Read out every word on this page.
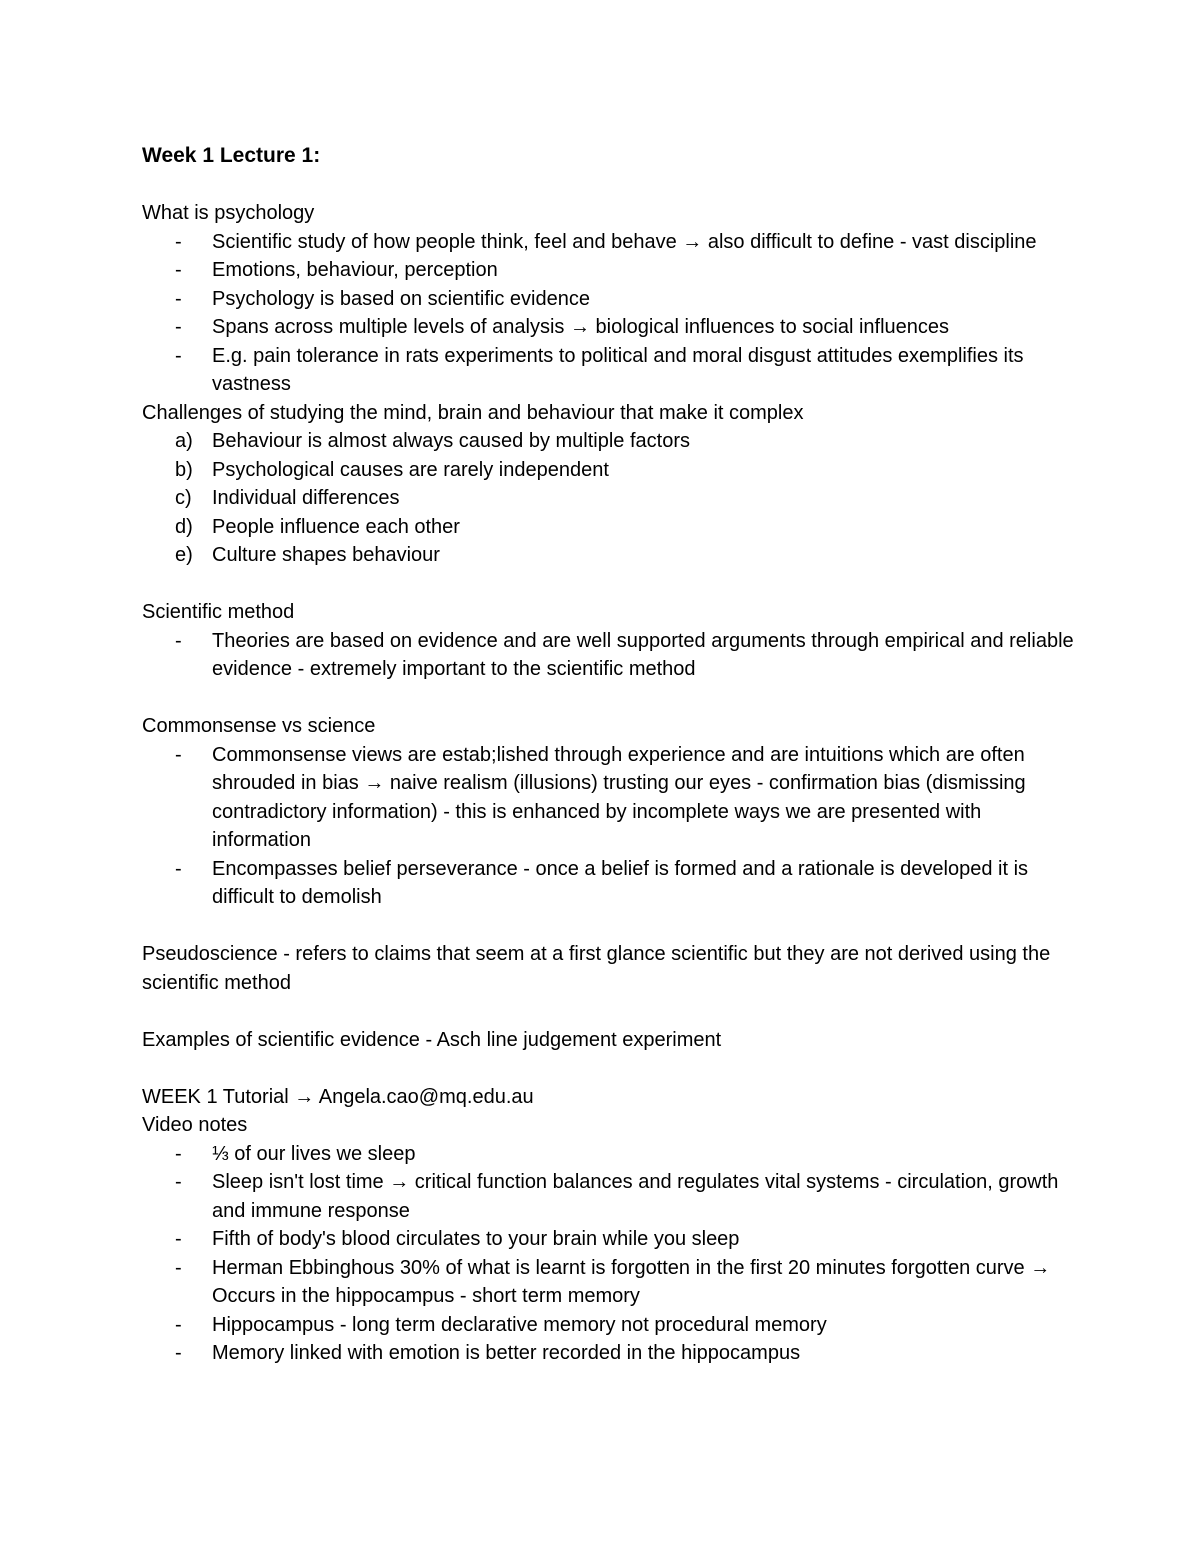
Week 1 Lecture 1:
What is psychology
- Scientific study of how people think, feel and behave → also difficult to define - vast discipline
- Emotions, behaviour, perception
- Psychology is based on scientific evidence
- Spans across multiple levels of analysis → biological influences to social influences
- E.g. pain tolerance in rats experiments to political and moral disgust attitudes exemplifies its vastness
Challenges of studying the mind, brain and behaviour that make it complex
a) Behaviour is almost always caused by multiple factors
b) Psychological causes are rarely independent
c) Individual differences
d) People influence each other
e) Culture shapes behaviour
Scientific method
- Theories are based on evidence and are well supported arguments through empirical and reliable evidence - extremely important to the scientific method
Commonsense vs science
- Commonsense views are estab;lished through experience and are intuitions which are often shrouded in bias → naive realism (illusions) trusting our eyes - confirmation bias (dismissing contradictory information) - this is enhanced by incomplete ways we are presented with information
- Encompasses belief perseverance - once a belief is formed and a rationale is developed it is difficult to demolish
Pseudoscience - refers to claims that seem at a first glance scientific but they are not derived using the scientific method
Examples of scientific evidence - Asch line judgement experiment
WEEK 1 Tutorial → Angela.cao@mq.edu.au
Video notes
- ⅓ of our lives we sleep
- Sleep isn't lost time → critical function balances and regulates vital systems - circulation, growth and immune response
- Fifth of body's blood circulates to your brain while you sleep
- Herman Ebbinghous 30% of what is learnt is forgotten in the first 20 minutes forgotten curve → Occurs in the hippocampus - short term memory
- Hippocampus - long term declarative memory not procedural memory
- Memory linked with emotion is better recorded in the hippocampus
